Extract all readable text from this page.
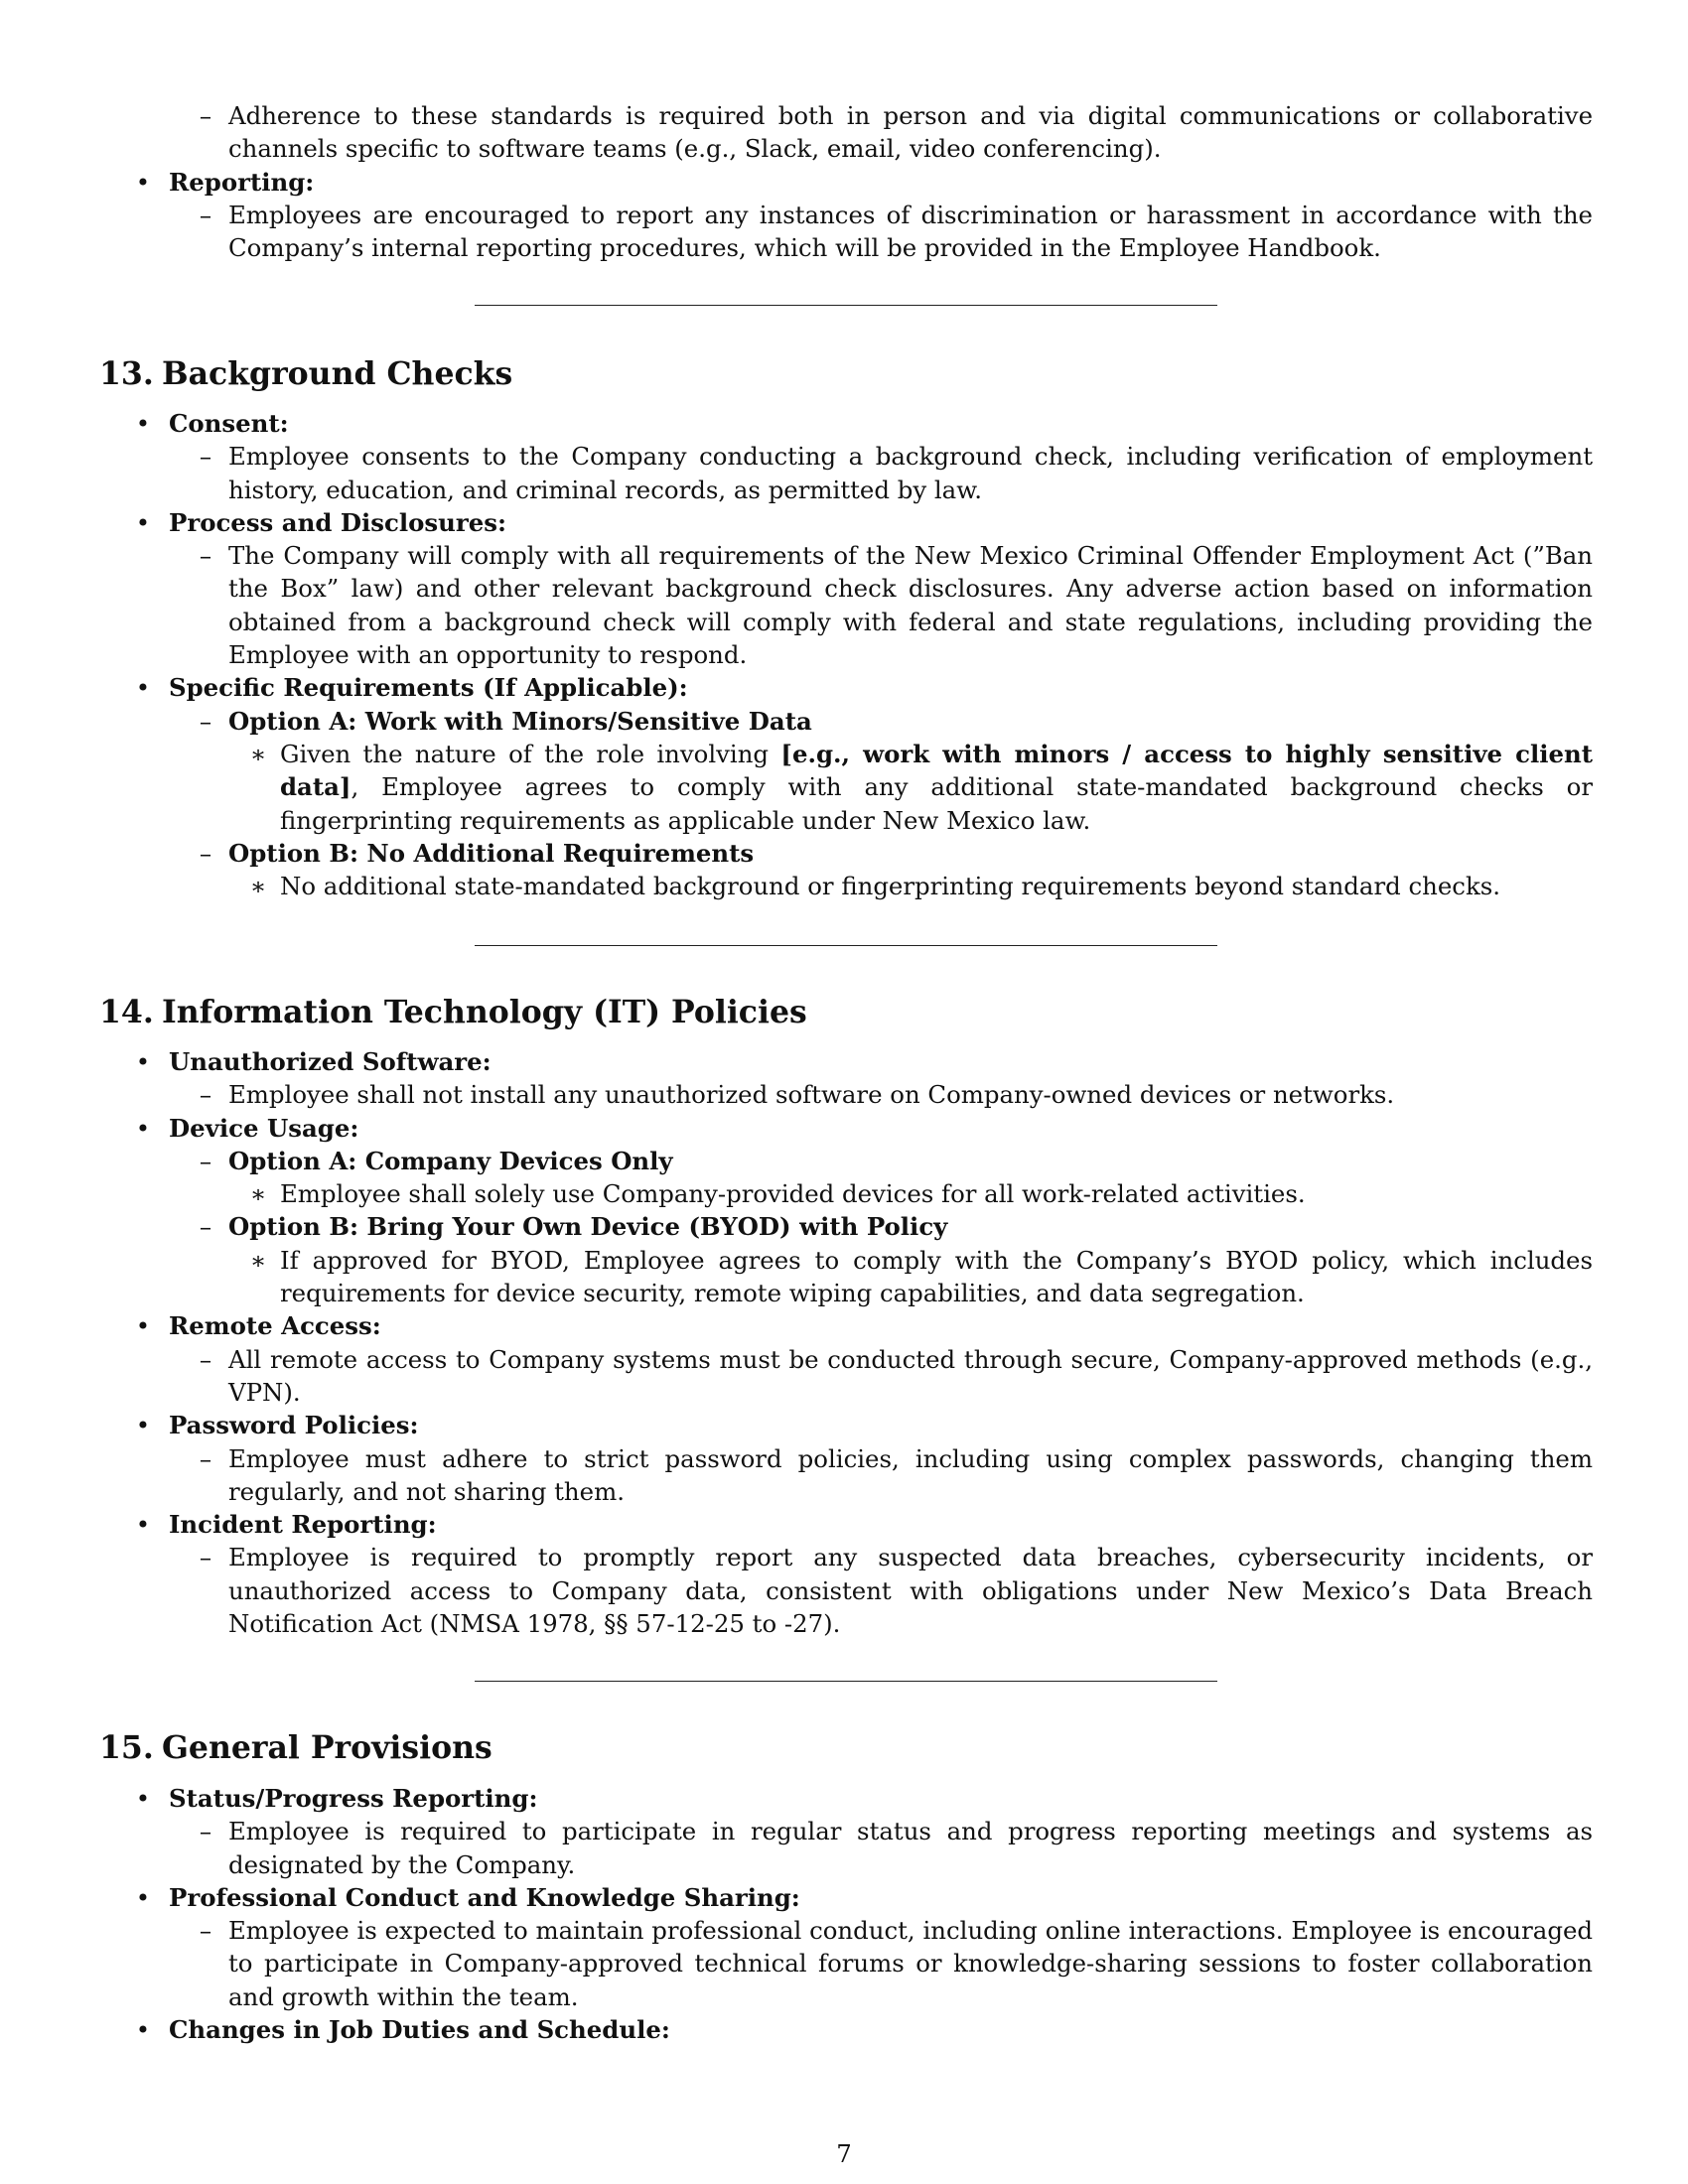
– Adherence to these standards is required both in person and via digital communications or collaborative channels specific to software teams (e.g., Slack, email, video conferencing).
• Reporting:
– Employees are encouraged to report any instances of discrimination or harassment in accordance with the Company’s internal reporting procedures, which will be provided in the Employee Handbook.
13. Background Checks
• Consent:
– Employee consents to the Company conducting a background check, including verification of employment history, education, and criminal records, as permitted by law.
• Process and Disclosures:
– The Company will comply with all requirements of the New Mexico Criminal Offender Employment Act (”Ban the Box” law) and other relevant background check disclosures. Any adverse action based on information obtained from a background check will comply with federal and state regulations, including providing the Employee with an opportunity to respond.
• Specific Requirements (If Applicable):
– Option A: Work with Minors/Sensitive Data
∗ Given the nature of the role involving [e.g., work with minors / access to highly sensitive client data], Employee agrees to comply with any additional state-mandated background checks or fingerprinting requirements as applicable under New Mexico law.
– Option B: No Additional Requirements
∗ No additional state-mandated background or fingerprinting requirements beyond standard checks.
14. Information Technology (IT) Policies
• Unauthorized Software:
– Employee shall not install any unauthorized software on Company-owned devices or networks.
• Device Usage:
– Option A: Company Devices Only
∗ Employee shall solely use Company-provided devices for all work-related activities.
– Option B: Bring Your Own Device (BYOD) with Policy
∗ If approved for BYOD, Employee agrees to comply with the Company’s BYOD policy, which includes requirements for device security, remote wiping capabilities, and data segregation.
• Remote Access:
– All remote access to Company systems must be conducted through secure, Company-approved methods (e.g., VPN).
• Password Policies:
– Employee must adhere to strict password policies, including using complex passwords, changing them regularly, and not sharing them.
• Incident Reporting:
– Employee is required to promptly report any suspected data breaches, cybersecurity incidents, or unauthorized access to Company data, consistent with obligations under New Mexico’s Data Breach Notification Act (NMSA 1978, §§ 57-12-25 to -27).
15. General Provisions
• Status/Progress Reporting:
– Employee is required to participate in regular status and progress reporting meetings and systems as designated by the Company.
• Professional Conduct and Knowledge Sharing:
– Employee is expected to maintain professional conduct, including online interactions. Employee is encouraged to participate in Company-approved technical forums or knowledge-sharing sessions to foster collaboration and growth within the team.
• Changes in Job Duties and Schedule:
7
